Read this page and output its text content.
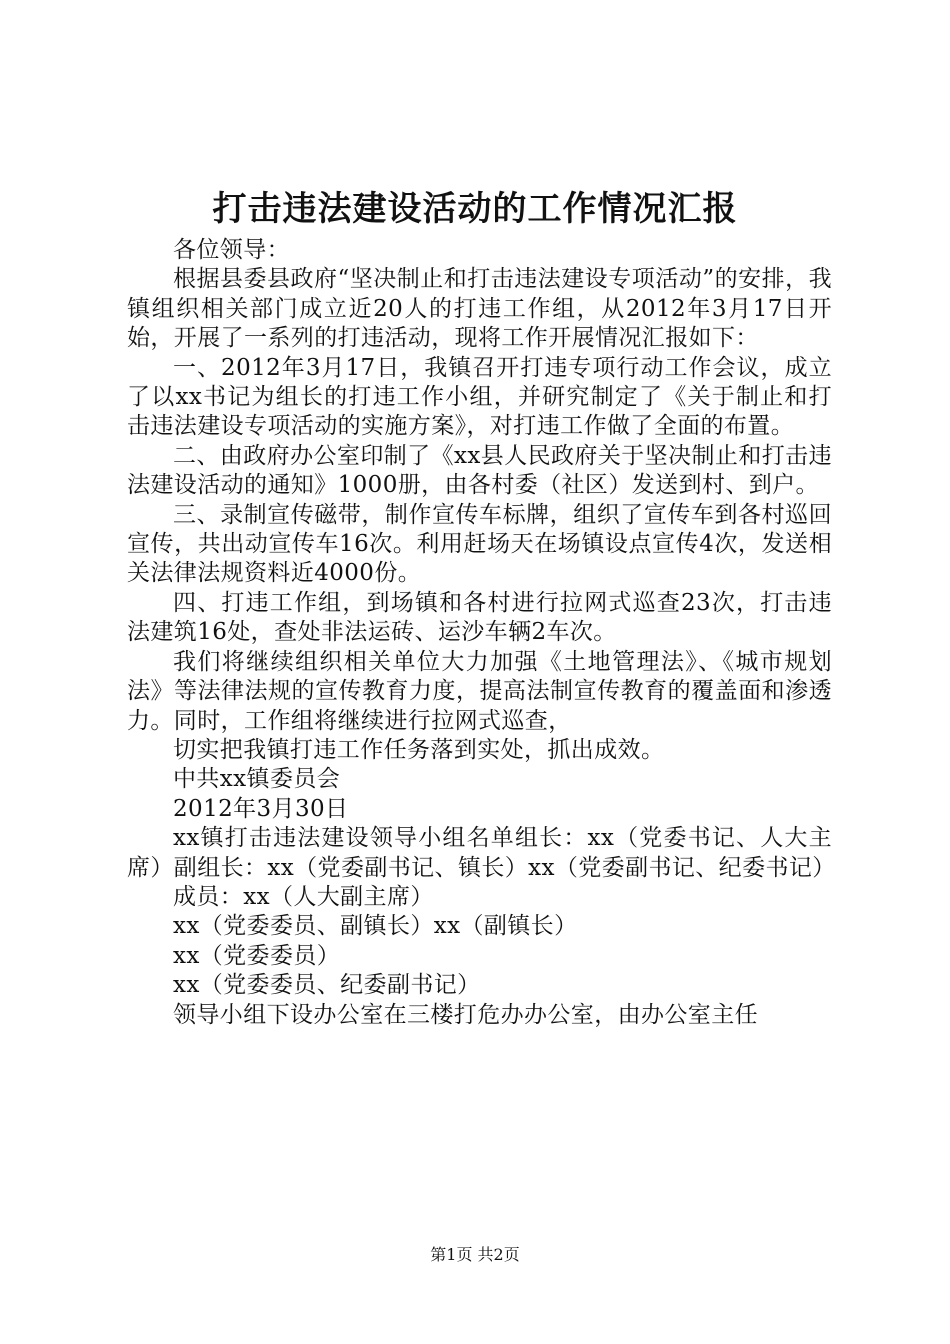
打击违法建设活动的工作情况汇报

各位领导：

根据县委县政府“坚决制止和打击违法建设专项活动”的安排，我镇组织相关部门成立近20人的打违工作组，从2012年3月17日开始，开展了一系列的打违活动，现将工作开展情况汇报如下：

一、2012年3月17日，我镇召开打违专项行动工作会议，成立了以xx书记为组长的打违工作小组，并研究制定了《关于制止和打击违法建设专项活动的实施方案》，对打违工作做了全面的布置。

二、由政府办公室印制了《xx县人民政府关于坚决制止和打击违法建设活动的通知》1000册，由各村委（社区）发送到村、到户。

三、录制宣传磁带，制作宣传车标牌，组织了宣传车到各村巡回宣传，共出动宣传车16次。利用赶场天在场镇设点宣传4次，发送相关法律法规资料近4000份。

四、打违工作组，到场镇和各村进行拉网式巡查23次，打击违法建筑16处，查处非法运砖、运沙车辆2车次。

我们将继续组织相关单位大力加强《土地管理法》、《城市规划法》等法律法规的宣传教育力度，提高法制宣传教育的覆盖面和渗透力。同时，工作组将继续进行拉网式巡查，

切实把我镇打违工作任务落到实处，抓出成效。

中共xx镇委员会

2012年3月30日

xx镇打击违法建设领导小组名单组长：xx（党委书记、人大主席）副组长：xx（党委副书记、镇长）xx（党委副书记、纪委书记）

成员：xx（人大副主席）

xx（党委委员、副镇长）xx（副镇长）

xx（党委委员）

xx（党委委员、纪委副书记）

领导小组下设办公室在三楼打危办办公室，由办公室主任

第1页 共2页
